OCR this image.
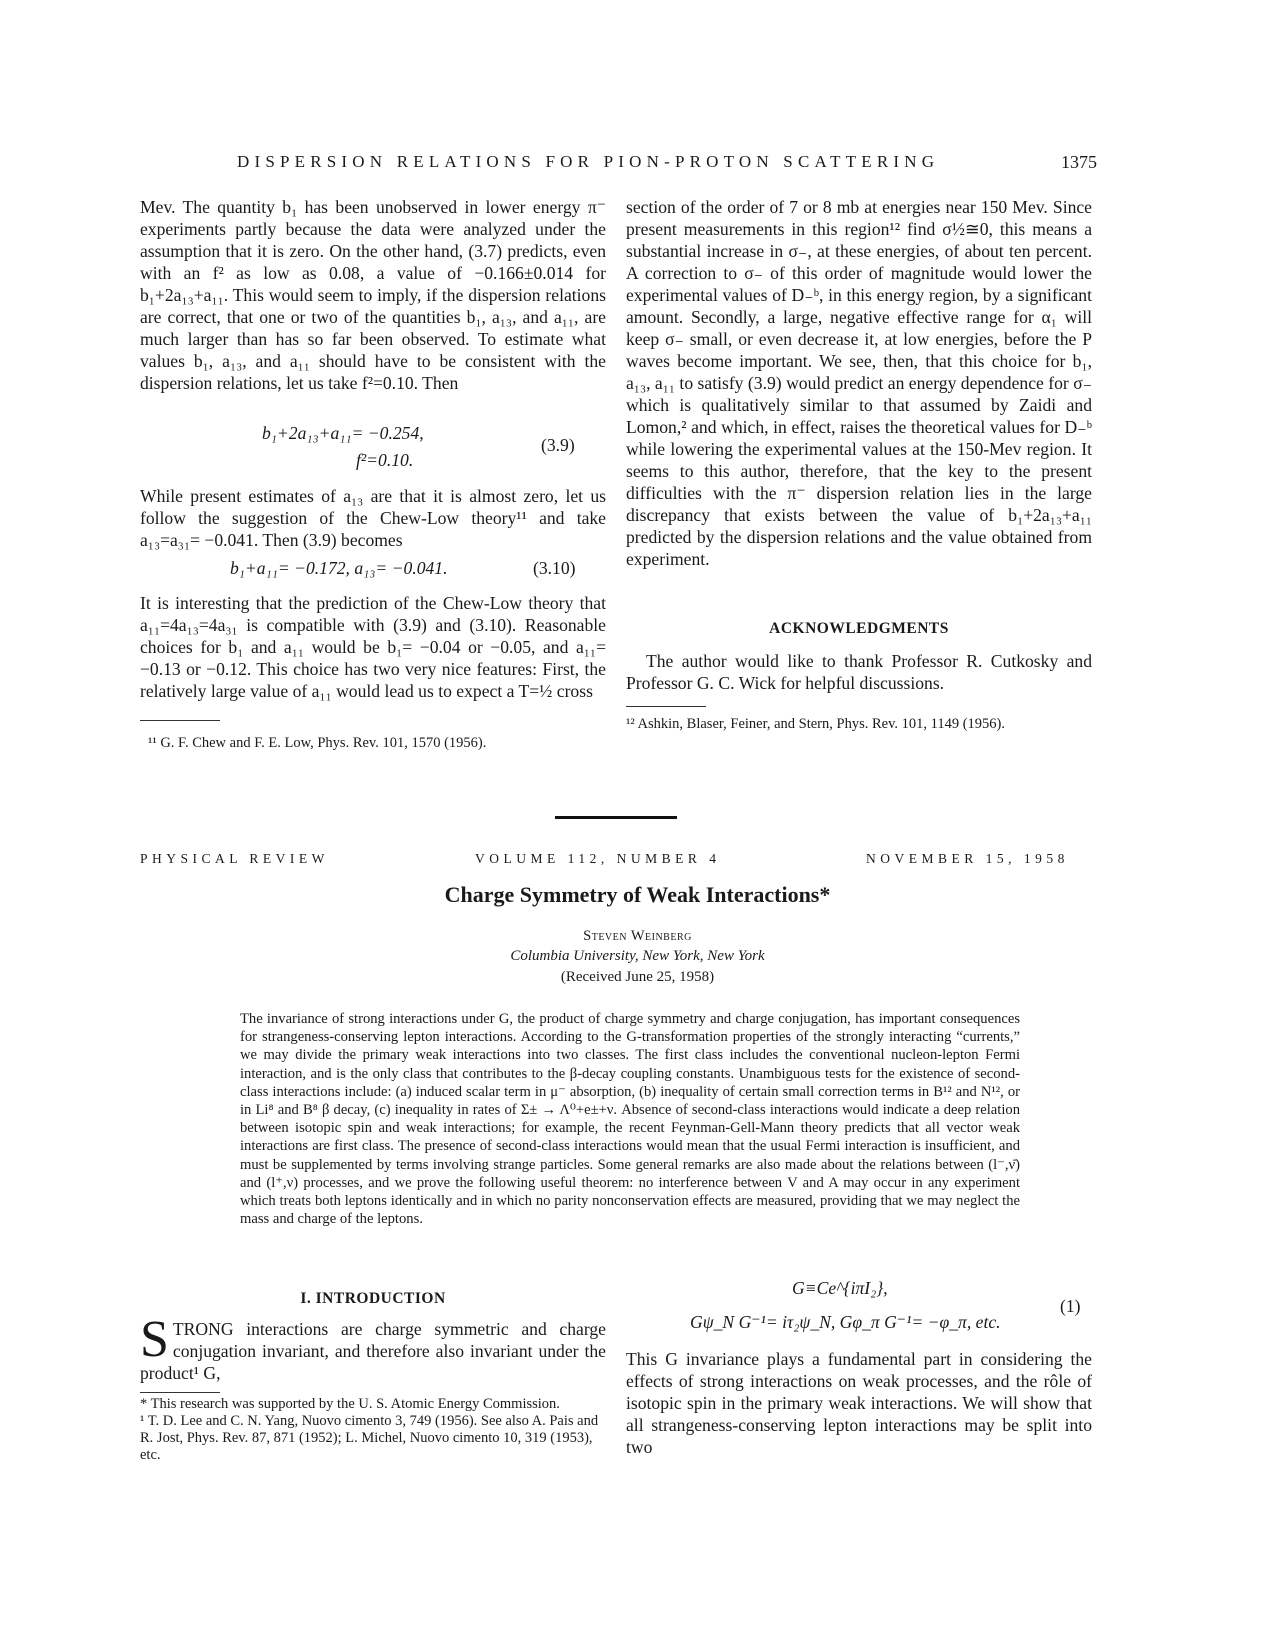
DISPERSION RELATIONS FOR PION-PROTON SCATTERING	1375

Mev. The quantity b₁ has been unobserved in lower energy π⁻ experiments partly because the data were analyzed under the assumption that it is zero. On the other hand, (3.7) predicts, even with an f² as low as 0.08, a value of −0.166±0.014 for b₁+2a₁₃+a₁₁. This would seem to imply, if the dispersion relations are correct, that one or two of the quantities b₁, a₁₃, and a₁₁, are much larger than has so far been observed. To estimate what values b₁, a₁₃, and a₁₁ should have to be consistent with the dispersion relations, let us take f²=0.10. Then

b₁+2a₁₃+a₁₁= −0.254,
f²=0.10.
(3.9)

While present estimates of a₁₃ are that it is almost zero, let us follow the suggestion of the Chew-Low theory¹¹ and take a₁₃=a₃₁= −0.041. Then (3.9) becomes

b₁+a₁₁= −0.172, a₁₃= −0.041.	(3.10)

It is interesting that the prediction of the Chew-Low theory that a₁₁=4a₁₃=4a₃₁ is compatible with (3.9) and (3.10). Reasonable choices for b₁ and a₁₁ would be b₁= −0.04 or −0.05, and a₁₁= −0.13 or −0.12. This choice has two very nice features: First, the relatively large value of a₁₁ would lead us to expect a T=½ cross

¹¹ G. F. Chew and F. E. Low, Phys. Rev. 101, 1570 (1956).

section of the order of 7 or 8 mb at energies near 150 Mev. Since present measurements in this region¹² find σ½≅0, this means a substantial increase in σ₋, at these energies, of about ten percent. A correction to σ₋ of this order of magnitude would lower the experimental values of D₋ᵇ, in this energy region, by a significant amount. Secondly, a large, negative effective range for α₁ will keep σ₋ small, or even decrease it, at low energies, before the P waves become important. We see, then, that this choice for b₁, a₁₃, a₁₁ to satisfy (3.9) would predict an energy dependence for σ₋ which is qualitatively similar to that assumed by Zaidi and Lomon,² and which, in effect, raises the theoretical values for D₋ᵇ while lowering the experimental values at the 150-Mev region. It seems to this author, therefore, that the key to the present difficulties with the π⁻ dispersion relation lies in the large discrepancy that exists between the value of b₁+2a₁₃+a₁₁ predicted by the dispersion relations and the value obtained from experiment.

ACKNOWLEDGMENTS
The author would like to thank Professor R. Cutkosky and Professor G. C. Wick for helpful discussions.
¹² Ashkin, Blaser, Feiner, and Stern, Phys. Rev. 101, 1149 (1956).
PHYSICAL REVIEW	VOLUME 112, NUMBER 4	NOVEMBER 15, 1958
Charge Symmetry of Weak Interactions*
Steven Weinberg
Columbia University, New York, New York
(Received June 25, 1958)
The invariance of strong interactions under G, the product of charge symmetry and charge conjugation, has important consequences for strangeness-conserving lepton interactions. According to the G-transformation properties of the strongly interacting “currents,” we may divide the primary weak interactions into two classes. The first class includes the conventional nucleon-lepton Fermi interaction, and is the only class that contributes to the β-decay coupling constants. Unambiguous tests for the existence of second-class interactions include: (a) induced scalar term in μ⁻ absorption, (b) inequality of certain small correction terms in B¹² and N¹², or in Li⁸ and B⁸ β decay, (c) inequality in rates of Σ± → Λ⁰+e±+ν. Absence of second-class interactions would indicate a deep relation between isotopic spin and weak interactions; for example, the recent Feynman-Gell-Mann theory predicts that all vector weak interactions are first class. The presence of second-class interactions would mean that the usual Fermi interaction is insufficient, and must be supplemented by terms involving strange particles. Some general remarks are also made about the relations between (l⁻,ν̄) and (l⁺,ν) processes, and we prove the following useful theorem: no interference between V and A may occur in any experiment which treats both leptons identically and in which no parity nonconservation effects are measured, providing that we may neglect the mass and charge of the leptons.
I. INTRODUCTION
STRONG interactions are charge symmetric and charge conjugation invariant, and therefore also invariant under the product¹ G,

* This research was supported by the U. S. Atomic Energy Commission.

¹ T. D. Lee and C. N. Yang, Nuovo cimento 3, 749 (1956). See also A. Pais and R. Jost, Phys. Rev. 87, 871 (1952); L. Michel, Nuovo cimento 10, 319 (1953), etc.

G≡Ce^{iπI₂},
Gψ_N G⁻¹= iτ₂ψ_N, Gφ_π G⁻¹= −φ_π, etc.
(1)
This G invariance plays a fundamental part in considering the effects of strong interactions on weak processes, and the rôle of isotopic spin in the primary weak interactions. We will show that all strangeness-conserving lepton interactions may be split into two
